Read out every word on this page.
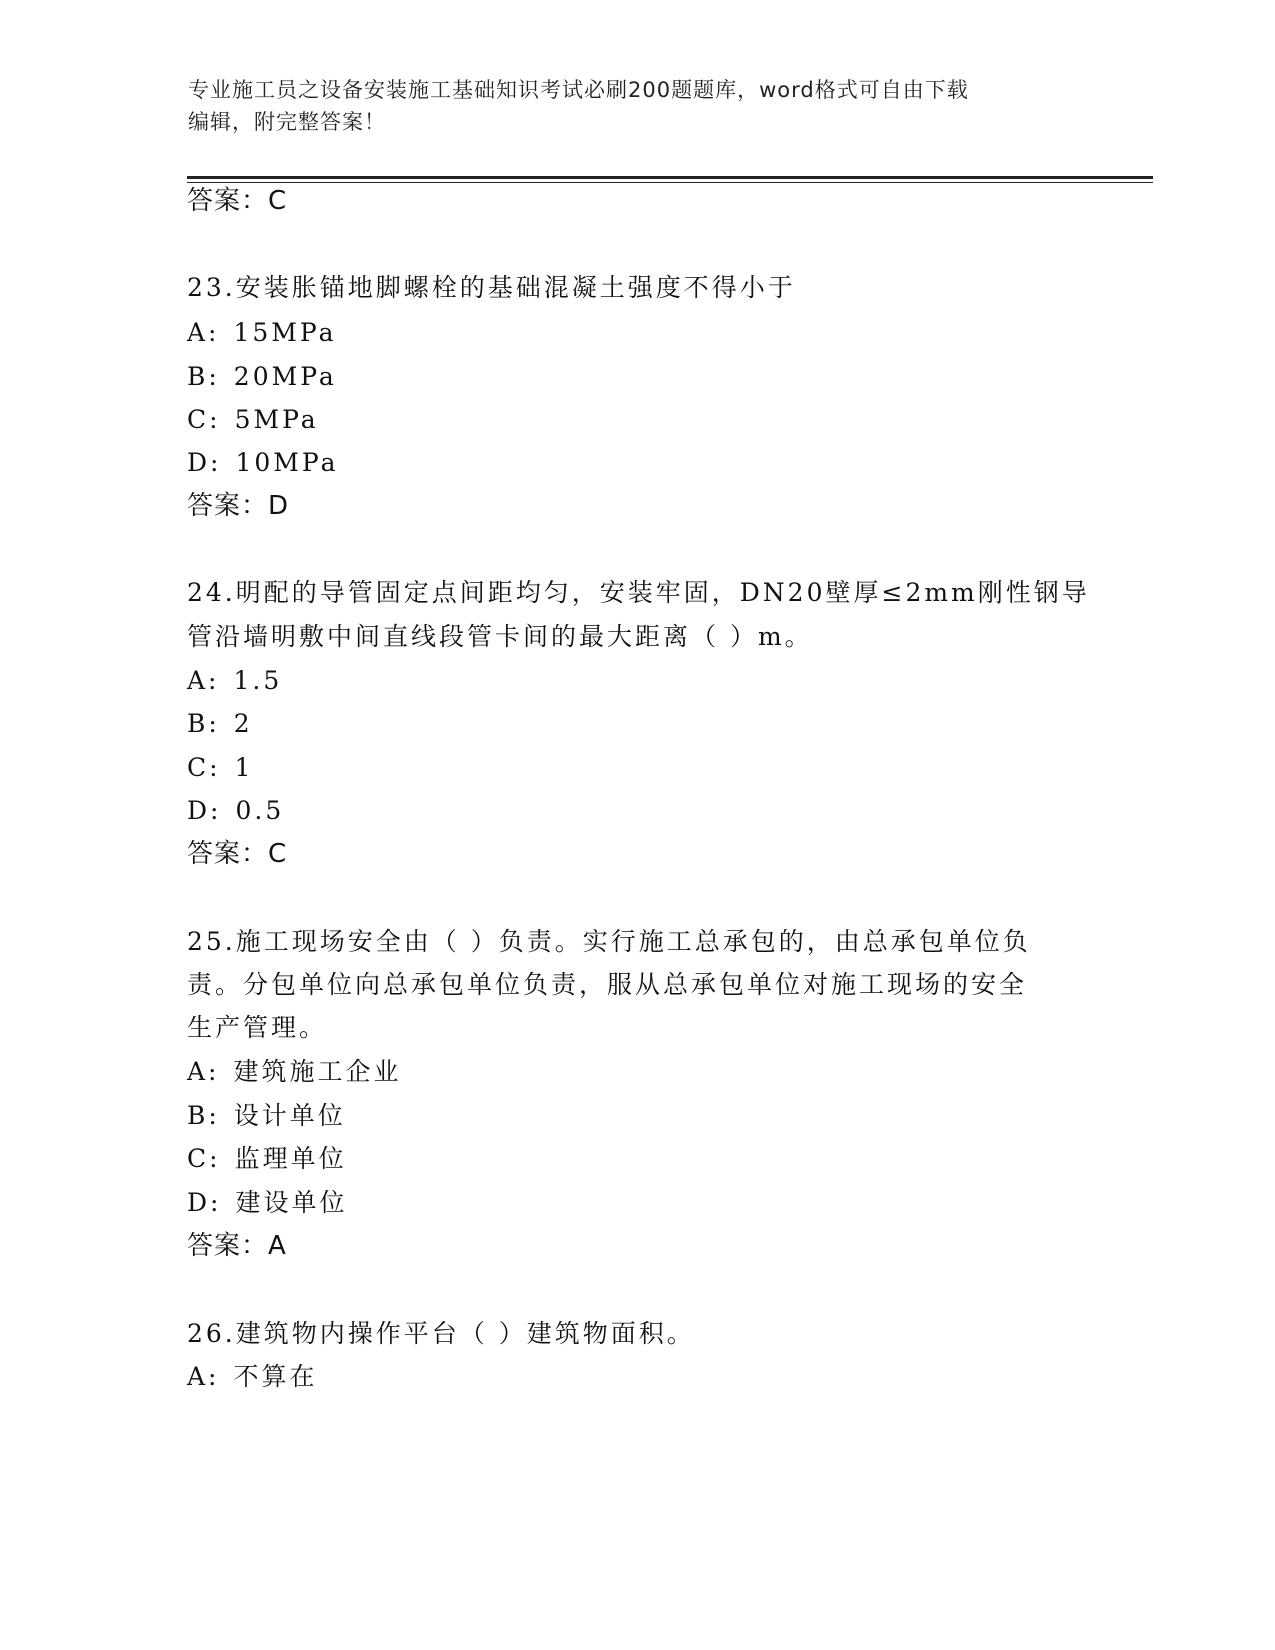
专业施工员之设备安装施工基础知识考试必刷200题题库，word格式可自由下载
编辑，附完整答案！
答案：C
23.安装胀锚地脚螺栓的基础混凝土强度不得小于
A: 15MPa
B: 20MPa
C: 5MPa
D: 10MPa
答案：D
24.明配的导管固定点间距均匀，安装牢固，DN20壁厚≤2mm刚性钢导
管沿墙明敷中间直线段管卡间的最大距离（ ）m。
A: 1.5
B: 2
C: 1
D: 0.5
答案：C
25.施工现场安全由（ ）负责。实行施工总承包的，由总承包单位负
责。分包单位向总承包单位负责，服从总承包单位对施工现场的安全
生产管理。
A: 建筑施工企业
B: 设计单位
C: 监理单位
D: 建设单位
答案：A
26.建筑物内操作平台（ ）建筑物面积。
A: 不算在
